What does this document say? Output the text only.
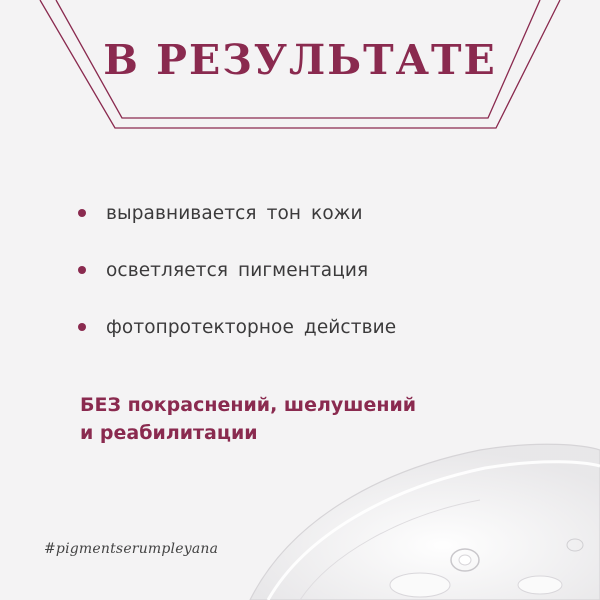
В РЕЗУЛЬТАТЕ
выравнивается тон кожи
осветляется пигментация
фотопротекторное действие

БЕЗ покраснений, шелушений
и реабилитации

#pigmentserumpleyana
